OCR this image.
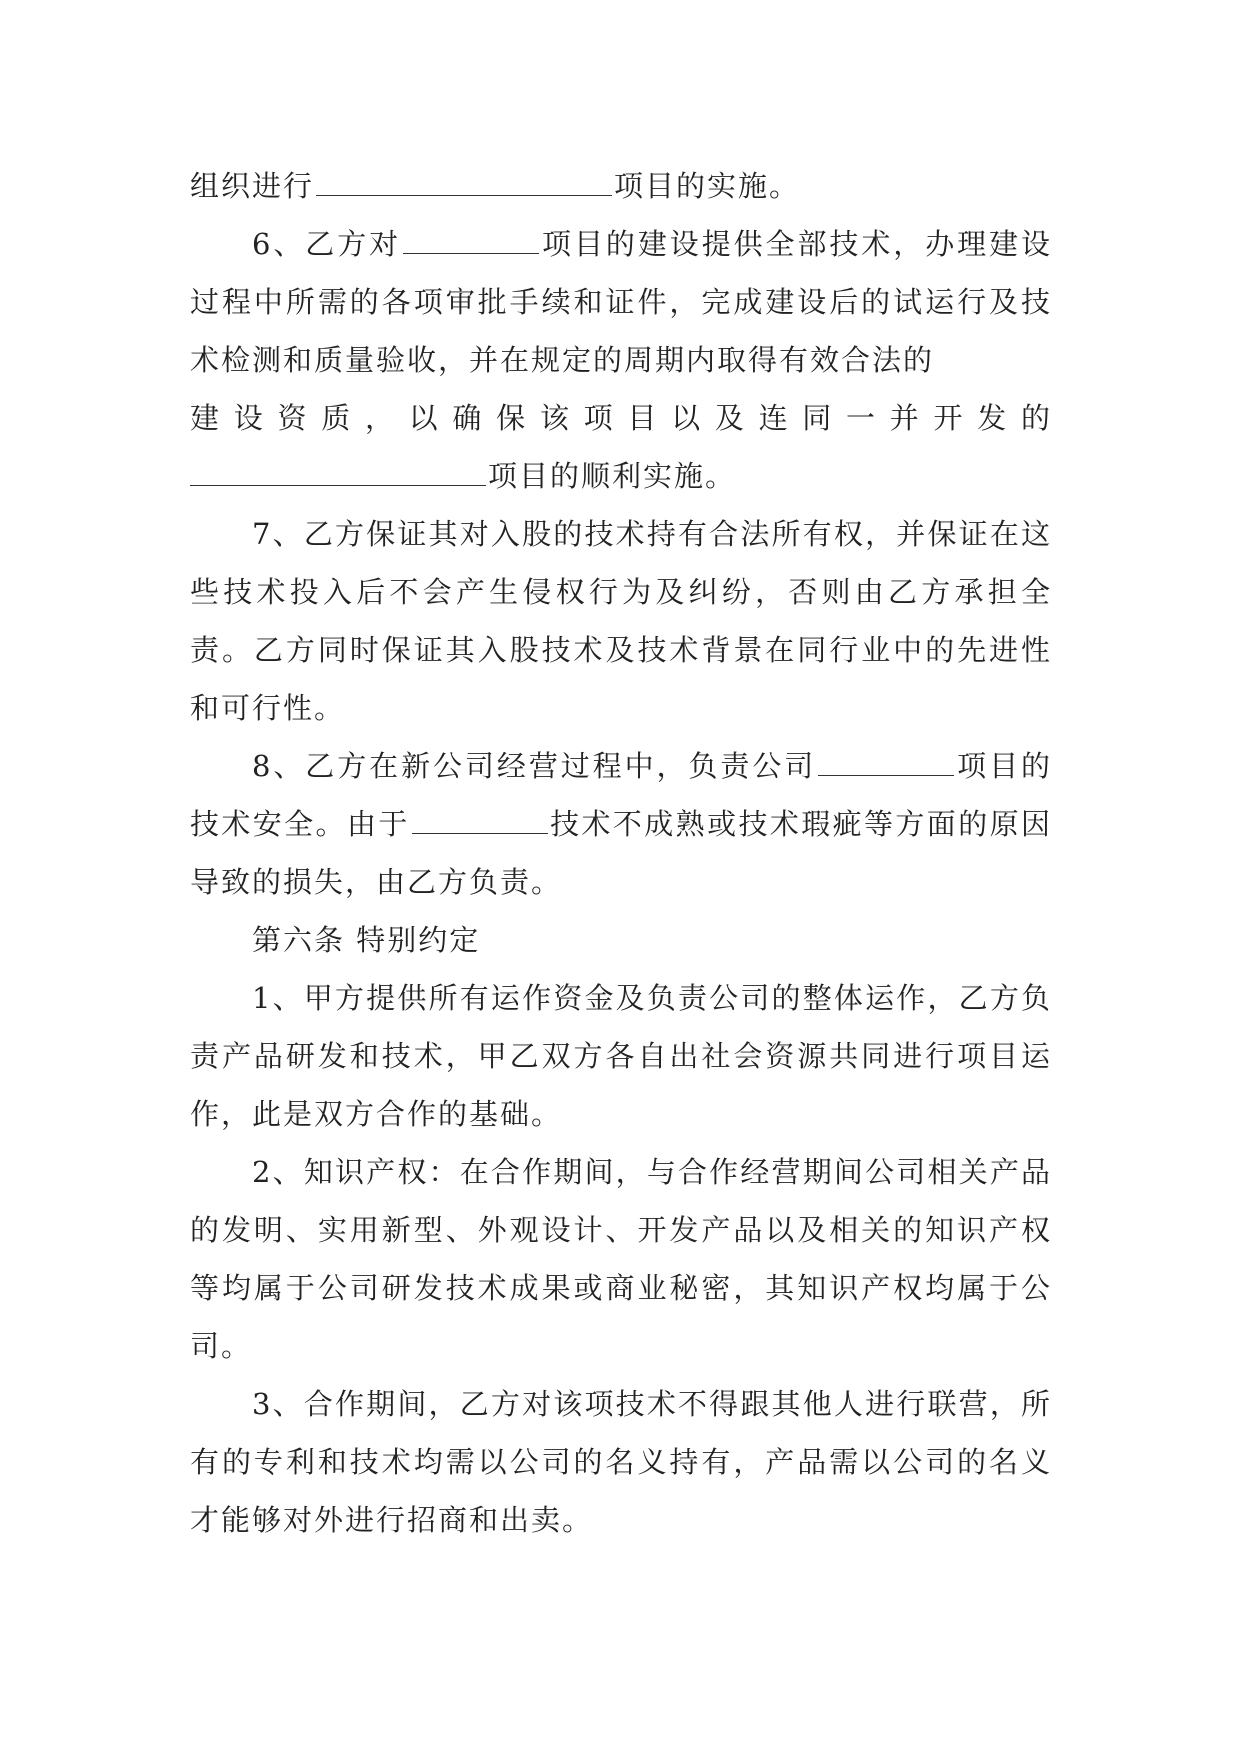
组织进行	项目的实施。

6、乙方对	项目的建设提供全部技术，办理建设过程中所需的各项审批手续和证件，完成建设后的试运行及技术检测和质量验收，并在规定的周期内取得有效合法的

建设资质，以确保该项目以及连同一并开发的

项目的顺利实施。

7、乙方保证其对入股的技术持有合法所有权，并保证在这些技术投入后不会产生侵权行为及纠纷，否则由乙方承担全责。乙方同时保证其入股技术及技术背景在同行业中的先进性和可行性。

8、乙方在新公司经营过程中，负责公司	项目的技术安全。由于	技术不成熟或技术瑕疵等方面的原因导致的损失，由乙方负责。

第六条 特别约定

1、甲方提供所有运作资金及负责公司的整体运作，乙方负责产品研发和技术，甲乙双方各自出社会资源共同进行项目运作，此是双方合作的基础。

2、知识产权：在合作期间，与合作经营期间公司相关产品的发明、实用新型、外观设计、开发产品以及相关的知识产权等均属于公司研发技术成果或商业秘密，其知识产权均属于公司。

3、合作期间，乙方对该项技术不得跟其他人进行联营，所有的专利和技术均需以公司的名义持有，产品需以公司的名义才能够对外进行招商和出卖。
